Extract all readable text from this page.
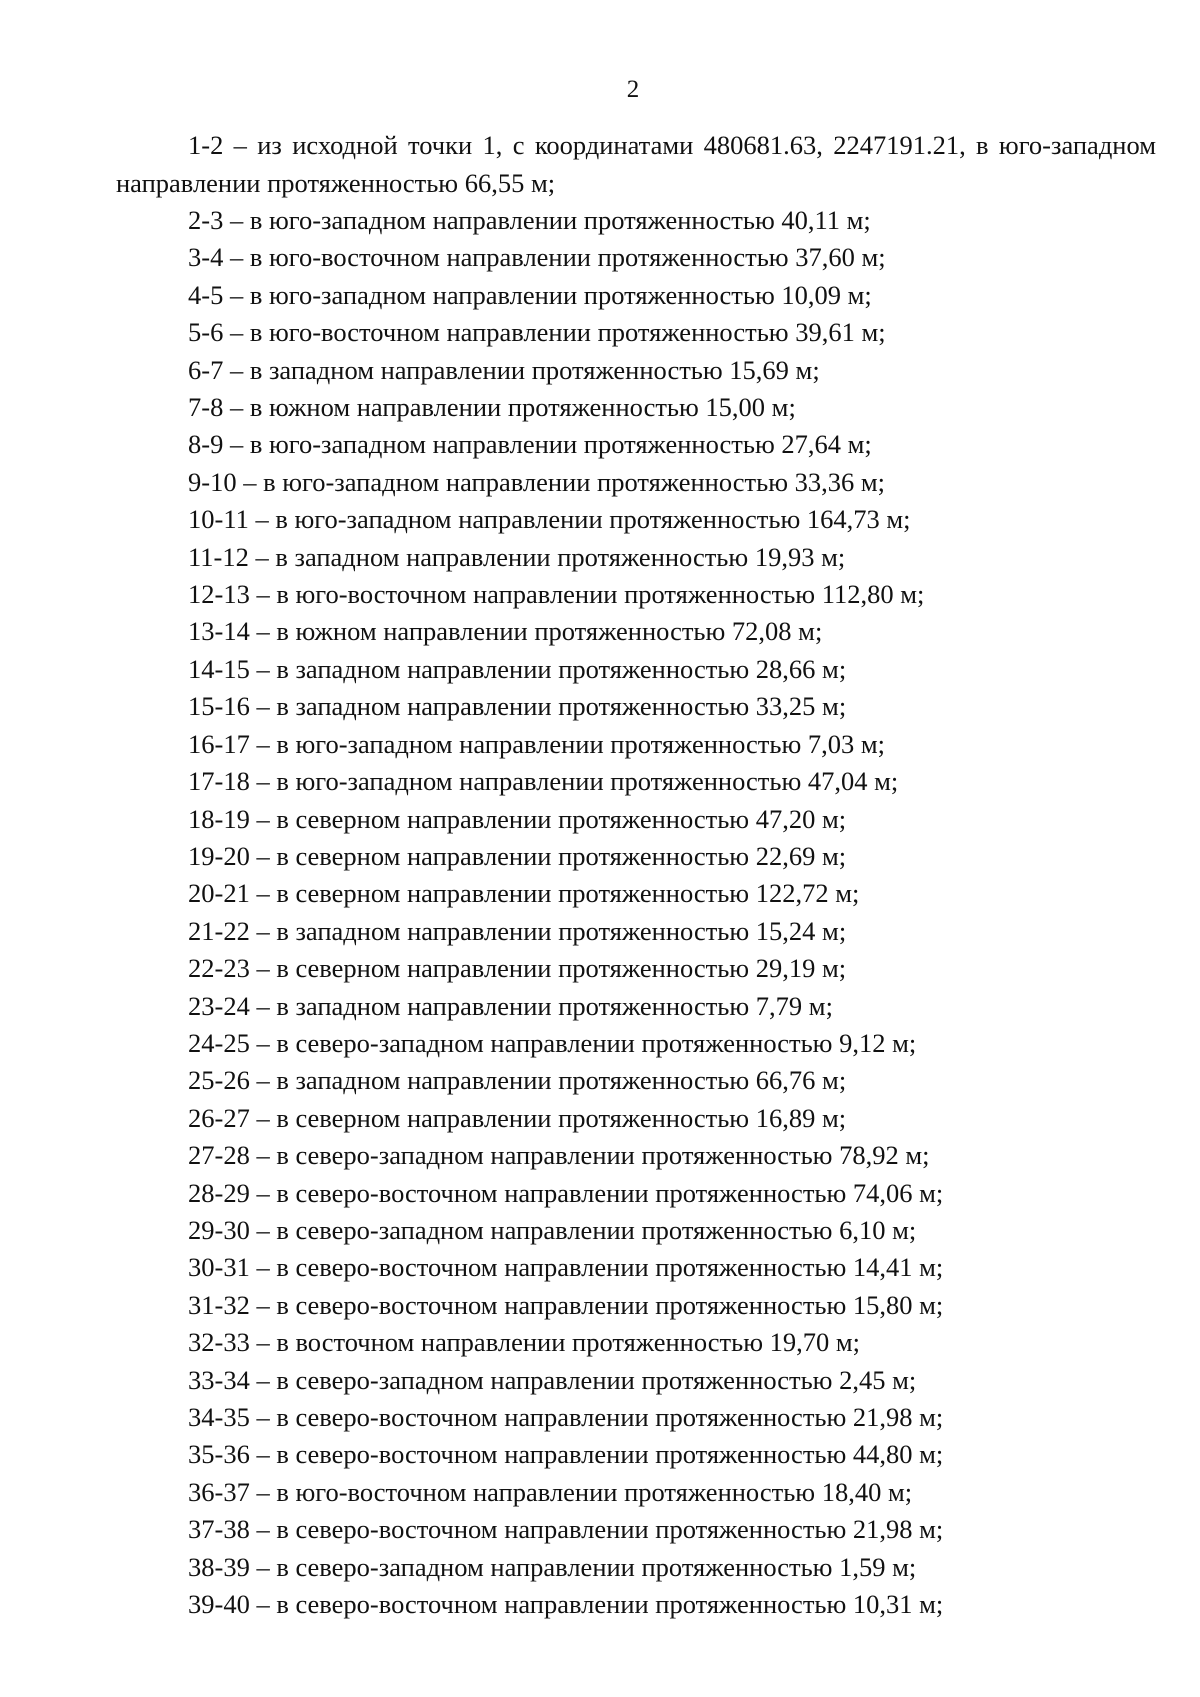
2

1-2 – из исходной точки 1, с координатами 480681.63, 2247191.21, в юго-западном направлении протяженностью 66,55 м;

2-3 – в юго-западном направлении протяженностью 40,11 м;
3-4 – в юго-восточном направлении протяженностью 37,60 м;
4-5 – в юго-западном направлении протяженностью 10,09 м;
5-6 – в юго-восточном направлении протяженностью 39,61 м;
6-7 – в западном направлении протяженностью 15,69 м;
7-8 – в южном направлении протяженностью 15,00 м;
8-9 – в юго-западном направлении протяженностью 27,64 м;
9-10 – в юго-западном направлении протяженностью 33,36 м;
10-11 – в юго-западном направлении протяженностью 164,73 м;
11-12 – в западном направлении протяженностью 19,93 м;
12-13 – в юго-восточном направлении протяженностью 112,80 м;
13-14 – в южном направлении протяженностью 72,08 м;
14-15 – в западном направлении протяженностью 28,66 м;
15-16 – в западном направлении протяженностью 33,25 м;
16-17 – в юго-западном направлении протяженностью 7,03 м;
17-18 – в юго-западном направлении протяженностью 47,04 м;
18-19 – в северном направлении протяженностью 47,20 м;
19-20 – в северном направлении протяженностью 22,69 м;
20-21 – в северном направлении протяженностью 122,72 м;
21-22 – в западном направлении протяженностью 15,24 м;
22-23 – в северном направлении протяженностью 29,19 м;
23-24 – в западном направлении протяженностью 7,79 м;
24-25 – в северо-западном направлении протяженностью 9,12 м;
25-26 – в западном направлении протяженностью 66,76 м;
26-27 – в северном направлении протяженностью 16,89 м;
27-28 – в северо-западном направлении протяженностью 78,92 м;
28-29 – в северо-восточном направлении протяженностью 74,06 м;
29-30 – в северо-западном направлении протяженностью 6,10 м;
30-31 – в северо-восточном направлении протяженностью 14,41 м;
31-32 – в северо-восточном направлении протяженностью 15,80 м;
32-33 – в восточном направлении протяженностью 19,70 м;
33-34 – в северо-западном направлении протяженностью 2,45 м;
34-35 – в северо-восточном направлении протяженностью 21,98 м;
35-36 – в северо-восточном направлении протяженностью 44,80 м;
36-37 – в юго-восточном направлении протяженностью 18,40 м;
37-38 – в северо-восточном направлении протяженностью 21,98 м;
38-39 – в северо-западном направлении протяженностью 1,59 м;
39-40 – в северо-восточном направлении протяженностью 10,31 м;
